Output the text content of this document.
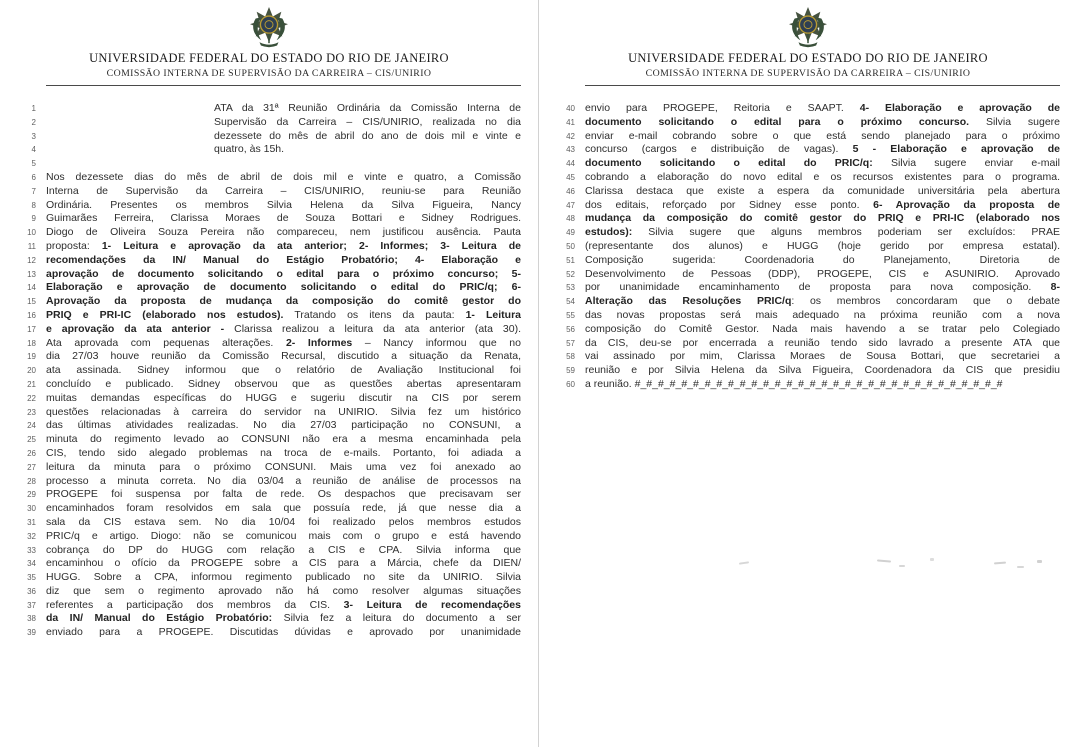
UNIVERSIDADE FEDERAL DO ESTADO DO RIO DE JANEIRO
COMISSÃO INTERNA DE SUPERVISÃO DA CARREIRA – CIS/UNIRIO
1	ATA da 31ª Reunião Ordinária da Comissão Interna de
2	Supervisão da Carreira – CIS/UNIRIO, realizada no dia
3	dezessete do mês de abril do ano de dois mil e vinte e
4	quatro, às 15h.
5
6 Nos dezessete dias do mês de abril de dois mil e vinte e quatro, a Comissão
7 Interna de Supervisão da Carreira – CIS/UNIRIO, reuniu-se para Reunião
8 Ordinária. Presentes os membros Silvia Helena da Silva Figueira, Nancy
9 Guimarães Ferreira, Clarissa Moraes de Souza Bottari e Sidney Rodrigues.
10 Diogo de Oliveira Souza Pereira não compareceu, nem justificou ausência. Pauta
11 proposta: 1- Leitura e aprovação da ata anterior; 2- Informes; 3- Leitura de
12 recomendações da IN/ Manual do Estágio Probatório; 4- Elaboração e
13 aprovação de documento solicitando o edital para o próximo concurso; 5-
14 Elaboração e aprovação de documento solicitando o edital do PRIC/q; 6-
15 Aprovação da proposta de mudança da composição do comitê gestor do
16 PRIQ e PRI-IC (elaborado nos estudos). Tratando os itens da pauta: 1- Leitura
17 e aprovação da ata anterior - Clarissa realizou a leitura da ata anterior (ata 30).
18 Ata aprovada com pequenas alterações. 2- Informes – Nancy informou que no
19 dia 27/03 houve reunião da Comissão Recursal, discutido a situação da Renata,
20 ata assinada. Sidney informou que o relatório de Avaliação Institucional foi
21 concluído e publicado. Sidney observou que as questões abertas apresentaram
22 muitas demandas específicas do HUGG e sugeriu discutir na CIS por serem
23 questões relacionadas à carreira do servidor na UNIRIO. Silvia fez um histórico
24 das últimas atividades realizadas. No dia 27/03 participação no CONSUNI, a
25 minuta do regimento levado ao CONSUNI não era a mesma encaminhada pela
26 CIS, tendo sido alegado problemas na troca de e-mails. Portanto, foi adiada a
27 leitura da minuta para o próximo CONSUNI. Mais uma vez foi anexado ao
28 processo a minuta correta. No dia 03/04 a reunião de análise de processos na
29 PROGEPE foi suspensa por falta de rede. Os despachos que precisavam ser
30 encaminhados foram resolvidos em sala que possuía rede, já que nesse dia a
31 sala da CIS estava sem. No dia 10/04 foi realizado pelos membros estudos
32 PRIC/q e artigo. Diogo: não se comunicou mais com o grupo e está havendo
33 cobrança do DP do HUGG com relação a CIS e CPA. Silvia informa que
34 encaminhou o ofício da PROGEPE sobre a CIS para a Márcia, chefe da DIEN/
35 HUGG. Sobre a CPA, informou regimento publicado no site da UNIRIO. Silvia
36 diz que sem o regimento aprovado não há como resolver algumas situações
37 referentes a participação dos membros da CIS. 3- Leitura de recomendações
38 da IN/ Manual do Estágio Probatório: Silvia fez a leitura do documento a ser
39 enviado para a PROGEPE. Discutidas dúvidas e aprovado por unanimidade
UNIVERSIDADE FEDERAL DO ESTADO DO RIO DE JANEIRO
COMISSÃO INTERNA DE SUPERVISÃO DA CARREIRA – CIS/UNIRIO
40 envio para PROGEPE, Reitoria e SAAPT. 4- Elaboração e aprovação de
41 documento solicitando o edital para o próximo concurso. Silvia sugere
42 enviar e-mail cobrando sobre o que está sendo planejado para o próximo
43 concurso (cargos e distribuição de vagas). 5 - Elaboração e aprovação de
44 documento solicitando o edital do PRIC/q: Silvia sugere enviar e-mail
45 cobrando a elaboração do novo edital e os recursos existentes para o programa.
46 Clarissa destaca que existe a espera da comunidade universitária pela abertura
47 dos editais, reforçado por Sidney esse ponto. 6- Aprovação da proposta de
48 mudança da composição do comitê gestor do PRIQ e PRI-IC (elaborado nos
49 estudos): Silvia sugere que alguns membros poderiam ser excluídos: PRAE
50 (representante dos alunos) e HUGG (hoje gerido por empresa estatal).
51 Composição sugerida: Coordenadoria do Planejamento, Diretoria de
52 Desenvolvimento de Pessoas (DDP), PROGEPE, CIS e ASUNIRIO. Aprovado
53 por unanimidade encaminhamento de proposta para nova composição. 8-
54 Alteração das Resoluções PRIC/q: os membros concordaram que o debate
55 das novas propostas será mais adequado na próxima reunião com a nova
56 composição do Comitê Gestor. Nada mais havendo a se tratar pelo Colegiado
57 da CIS, deu-se por encerrada a reunião tendo sido lavrado a presente ATA que
58 vai assinado por mim, Clarissa Moraes de Sousa Bottari, que secretariei a
59 reunião e por Silvia Helena da Silva Figueira, Coordenadora da CIS que presidiu
60 a reunião. #_#_#_#_#_#_#_#_#_#_#_#_#_#_#_#_#_#_#_#_#_#_#_#_#_#_#_#_#_#_#_#
